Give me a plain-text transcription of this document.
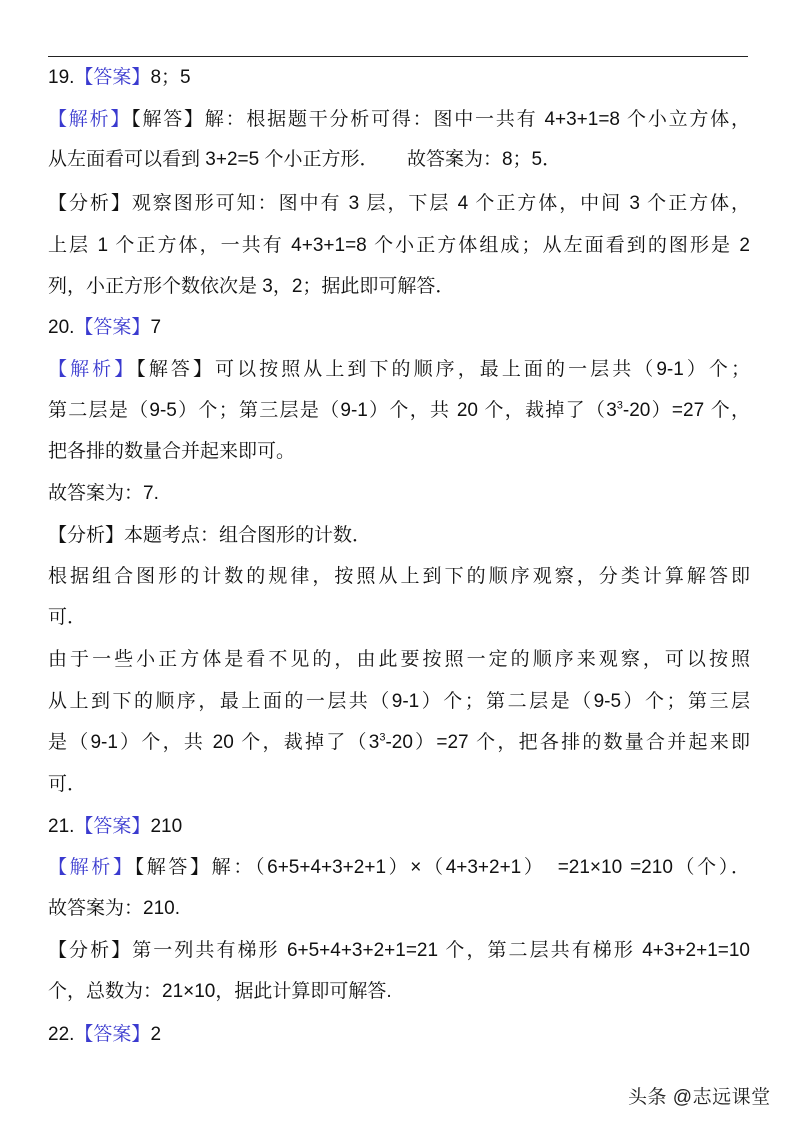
19.【答案】8；5
【解析】【解答】解：根据题干分析可得：图中一共有 4+3+1=8 个小立方体，
从左面看可以看到 3+2=5 个小正方形．　　故答案为：8；5．
【分析】观察图形可知：图中有 3 层，下层 4 个正方体，中间 3 个正方体，
上层 1 个正方体，一共有 4+3+1=8 个小正方体组成；从左面看到的图形是 2
列，小正方形个数依次是 3，2；据此即可解答．
20.【答案】7
【解析】【解答】可以按照从上到下的顺序，最上面的一层共（9-1）个；
第二层是（9-5）个；第三层是（9-1）个，共 20 个，裁掉了$(3^3-20)=27$ 个，
把各排的数量合并起来即可。
故答案为：7.
【分析】本题考点：组合图形的计数．
根据组合图形的计数的规律，按照从上到下的顺序观察，分类计算解答即
可．
由于一些小正方体是看不见的，由此要按照一定的顺序来观察，可以按照
从上到下的顺序，最上面的一层共（9-1）个；第二层是（9-5）个；第三层
是（9-1）个，共 20 个，裁掉了$(3^3-20)=27$ 个，把各排的数量合并起来即
可．
21.【答案】210
【解析】【解答】解：（6+5+4+3+2+1）×（4+3+2+1）　=21×10 =210（个）．
故答案为：210.
【分析】第一列共有梯形 6+5+4+3+2+1=21 个，第二层共有梯形 4+3+2+1=10
个，总数为：21×10，据此计算即可解答.
22.【答案】2
头条 @志远课堂
